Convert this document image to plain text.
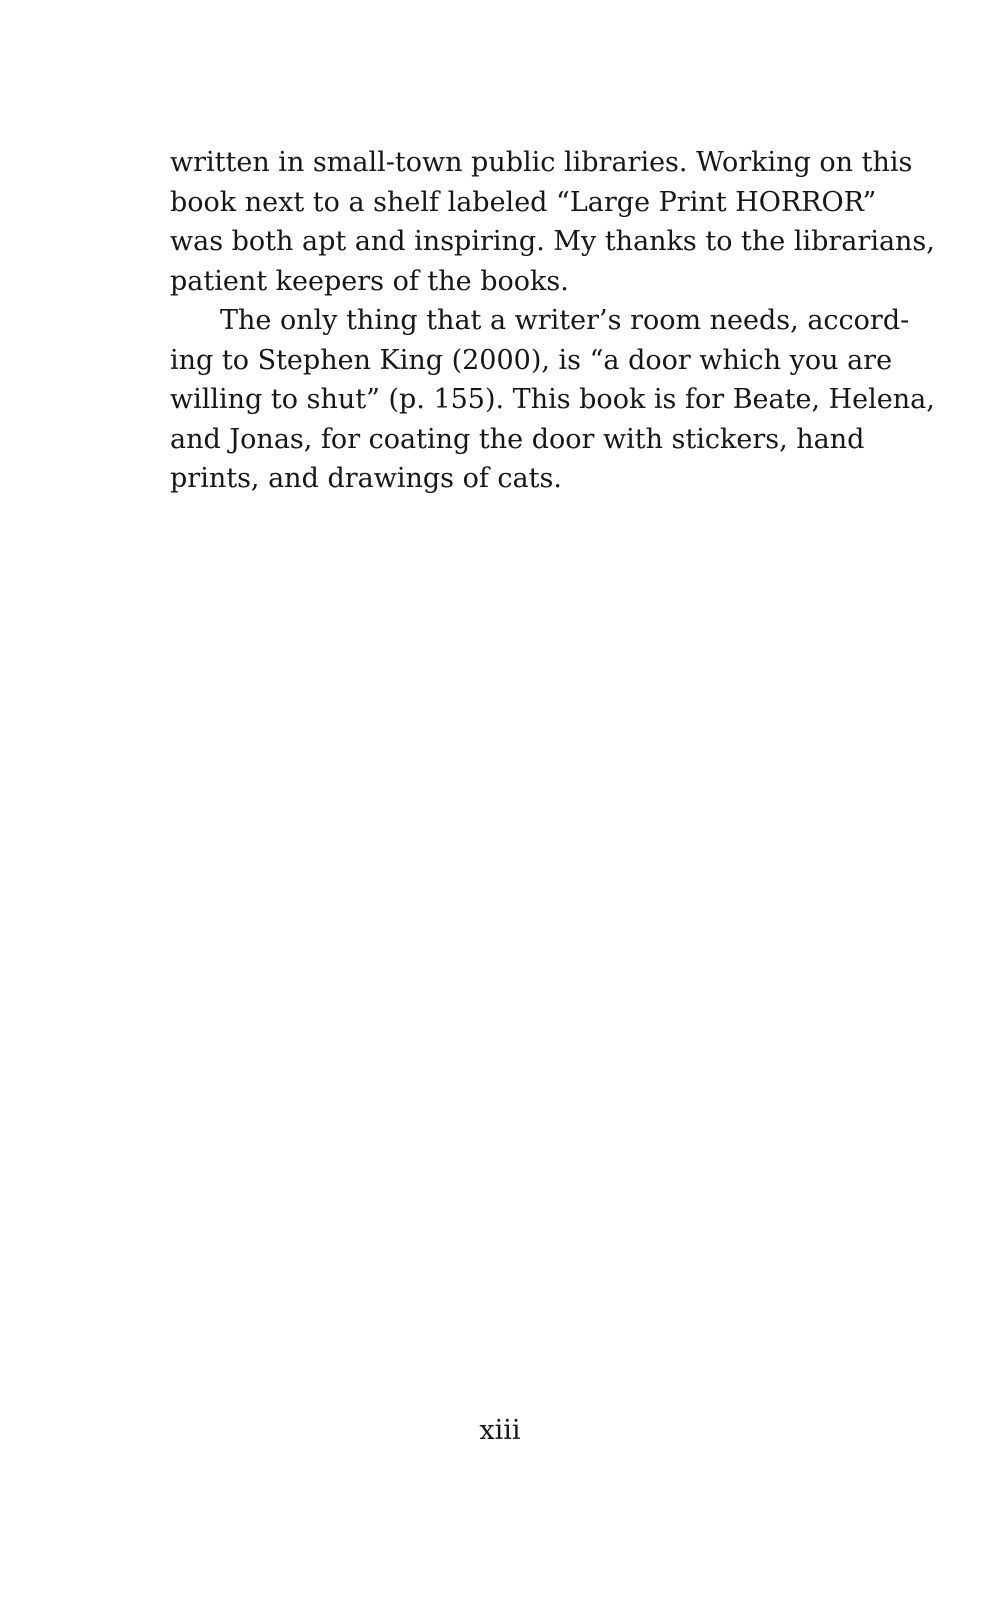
written in small-town public libraries. Working on this
book next to a shelf labeled “Large Print HORROR”
was both apt and inspiring. My thanks to the librarians,
patient keepers of the books.
The only thing that a writer’s room needs, accord-
ing to Stephen King (2000), is “a door which you are
willing to shut” (p. 155). This book is for Beate, Helena,
and Jonas, for coating the door with stickers, hand
prints, and drawings of cats.
xiii
